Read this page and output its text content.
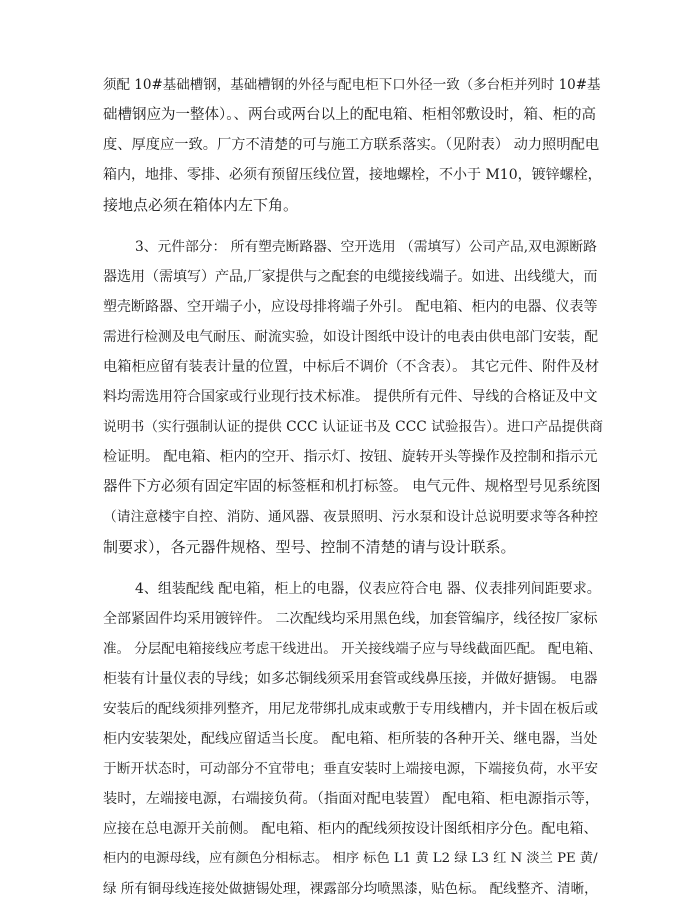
须配 10#基础槽钢，基础槽钢的外径与配电柜下口外径一致（多台柜并列时 10#基
础槽钢应为一整体）。、两台或两台以上的配电箱、柜相邻敷设时，箱、柜的高
度、厚度应一致。厂方不清楚的可与施工方联系落实。（见附表） 动力照明配电
箱内，地排、零排、必须有预留压线位置，接地螺栓，不小于 M10，镀锌螺栓，
接地点必须在箱体内左下角。
3、元件部分： 所有塑壳断路器、空开选用 （需填写）公司产品,双电源断路
器选用（需填写）产品,厂家提供与之配套的电缆接线端子。如进、出线缆大，而
塑壳断路器、空开端子小，应设母排将端子外引。 配电箱、柜内的电器、仪表等
需进行检测及电气耐压、耐流实验，如设计图纸中设计的电表由供电部门安装，配
电箱柜应留有装表计量的位置，中标后不调价（不含表）。 其它元件、附件及材
料均需选用符合国家或行业现行技术标准。 提供所有元件、导线的合格证及中文
说明书（实行强制认证的提供 CCC 认证证书及 CCC 试验报告）。进口产品提供商
检证明。 配电箱、柜内的空开、指示灯、按钮、旋转开头等操作及控制和指示元
器件下方必须有固定牢固的标签框和机打标签。 电气元件、规格型号见系统图
（请注意楼宇自控、消防、通风器、夜景照明、污水泵和设计总说明要求等各种控
制要求），各元器件规格、型号、控制不清楚的请与设计联系。
4、组装配线 配电箱，柜上的电器，仪表应符合电 器、仪表排列间距要求。
全部紧固件均采用镀锌件。 二次配线均采用黑色线，加套管编序，线径按厂家标
准。 分层配电箱接线应考虑干线进出。 开关接线端子应与导线截面匹配。 配电箱、
柜装有计量仪表的导线；如多芯铜线须采用套管或线鼻压接，并做好搪锡。 电器
安装后的配线须排列整齐，用尼龙带绑扎成束或敷于专用线槽内，并卡固在板后或
柜内安装架处，配线应留适当长度。 配电箱、柜所装的各种开关、继电器，当处
于断开状态时，可动部分不宜带电；垂直安装时上端接电源，下端接负荷，水平安
装时，左端接电源，右端接负荷。（指面对配电装置） 配电箱、柜电源指示等，
应接在总电源开关前侧。 配电箱、柜内的配线须按设计图纸相序分色。配电箱、
柜内的电源母线，应有颜色分相标志。 相序 标色 L1 黄 L2 绿 L3 红 N 淡兰 PE 黄/
绿 所有铜母线连接处做搪锡处理，裸露部分均喷黑漆，贴色标。 配线整齐、清晰，
